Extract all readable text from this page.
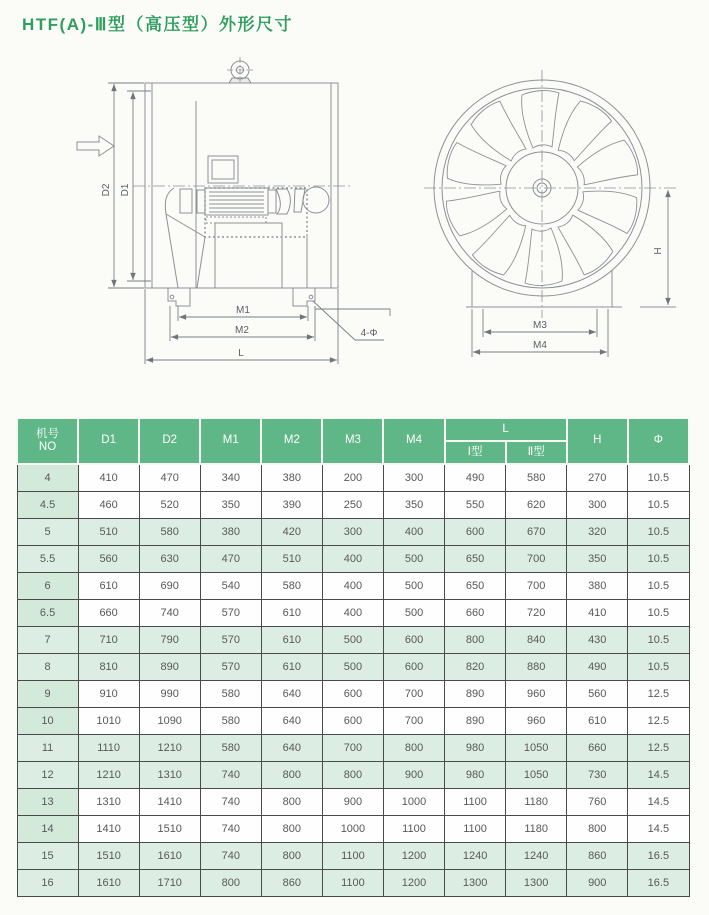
HTF(A)-Ⅲ型（高压型）外形尺寸
D2 D1
M1
M2
L
4-Φ
M3
M4
H
机号
NO	D1	D2	M1	M2	M3	M4	L		H	Φ
							Ⅰ型	Ⅱ型		
4	410	470	340	380	200	300	490	580	270	10.5
4.5	460	520	350	390	250	350	550	620	300	10.5
5	510	580	380	420	300	400	600	670	320	10.5
5.5	560	630	470	510	400	500	650	700	350	10.5
6	610	690	540	580	400	500	650	700	380	10.5
6.5	660	740	570	610	400	500	660	720	410	10.5
7	710	790	570	610	500	600	800	840	430	10.5
8	810	890	570	610	500	600	820	880	490	10.5
9	910	990	580	640	600	700	890	960	560	12.5
10	1010	1090	580	640	600	700	890	960	610	12.5
11	1110	1210	580	640	700	800	980	1050	660	12.5
12	1210	1310	740	800	800	900	980	1050	730	14.5
13	1310	1410	740	800	900	1000	1100	1180	760	14.5
14	1410	1510	740	800	1000	1100	1100	1180	800	14.5
15	1510	1610	740	800	1100	1200	1240	1240	860	16.5
16	1610	1710	800	860	1100	1200	1300	1300	900	16.5
